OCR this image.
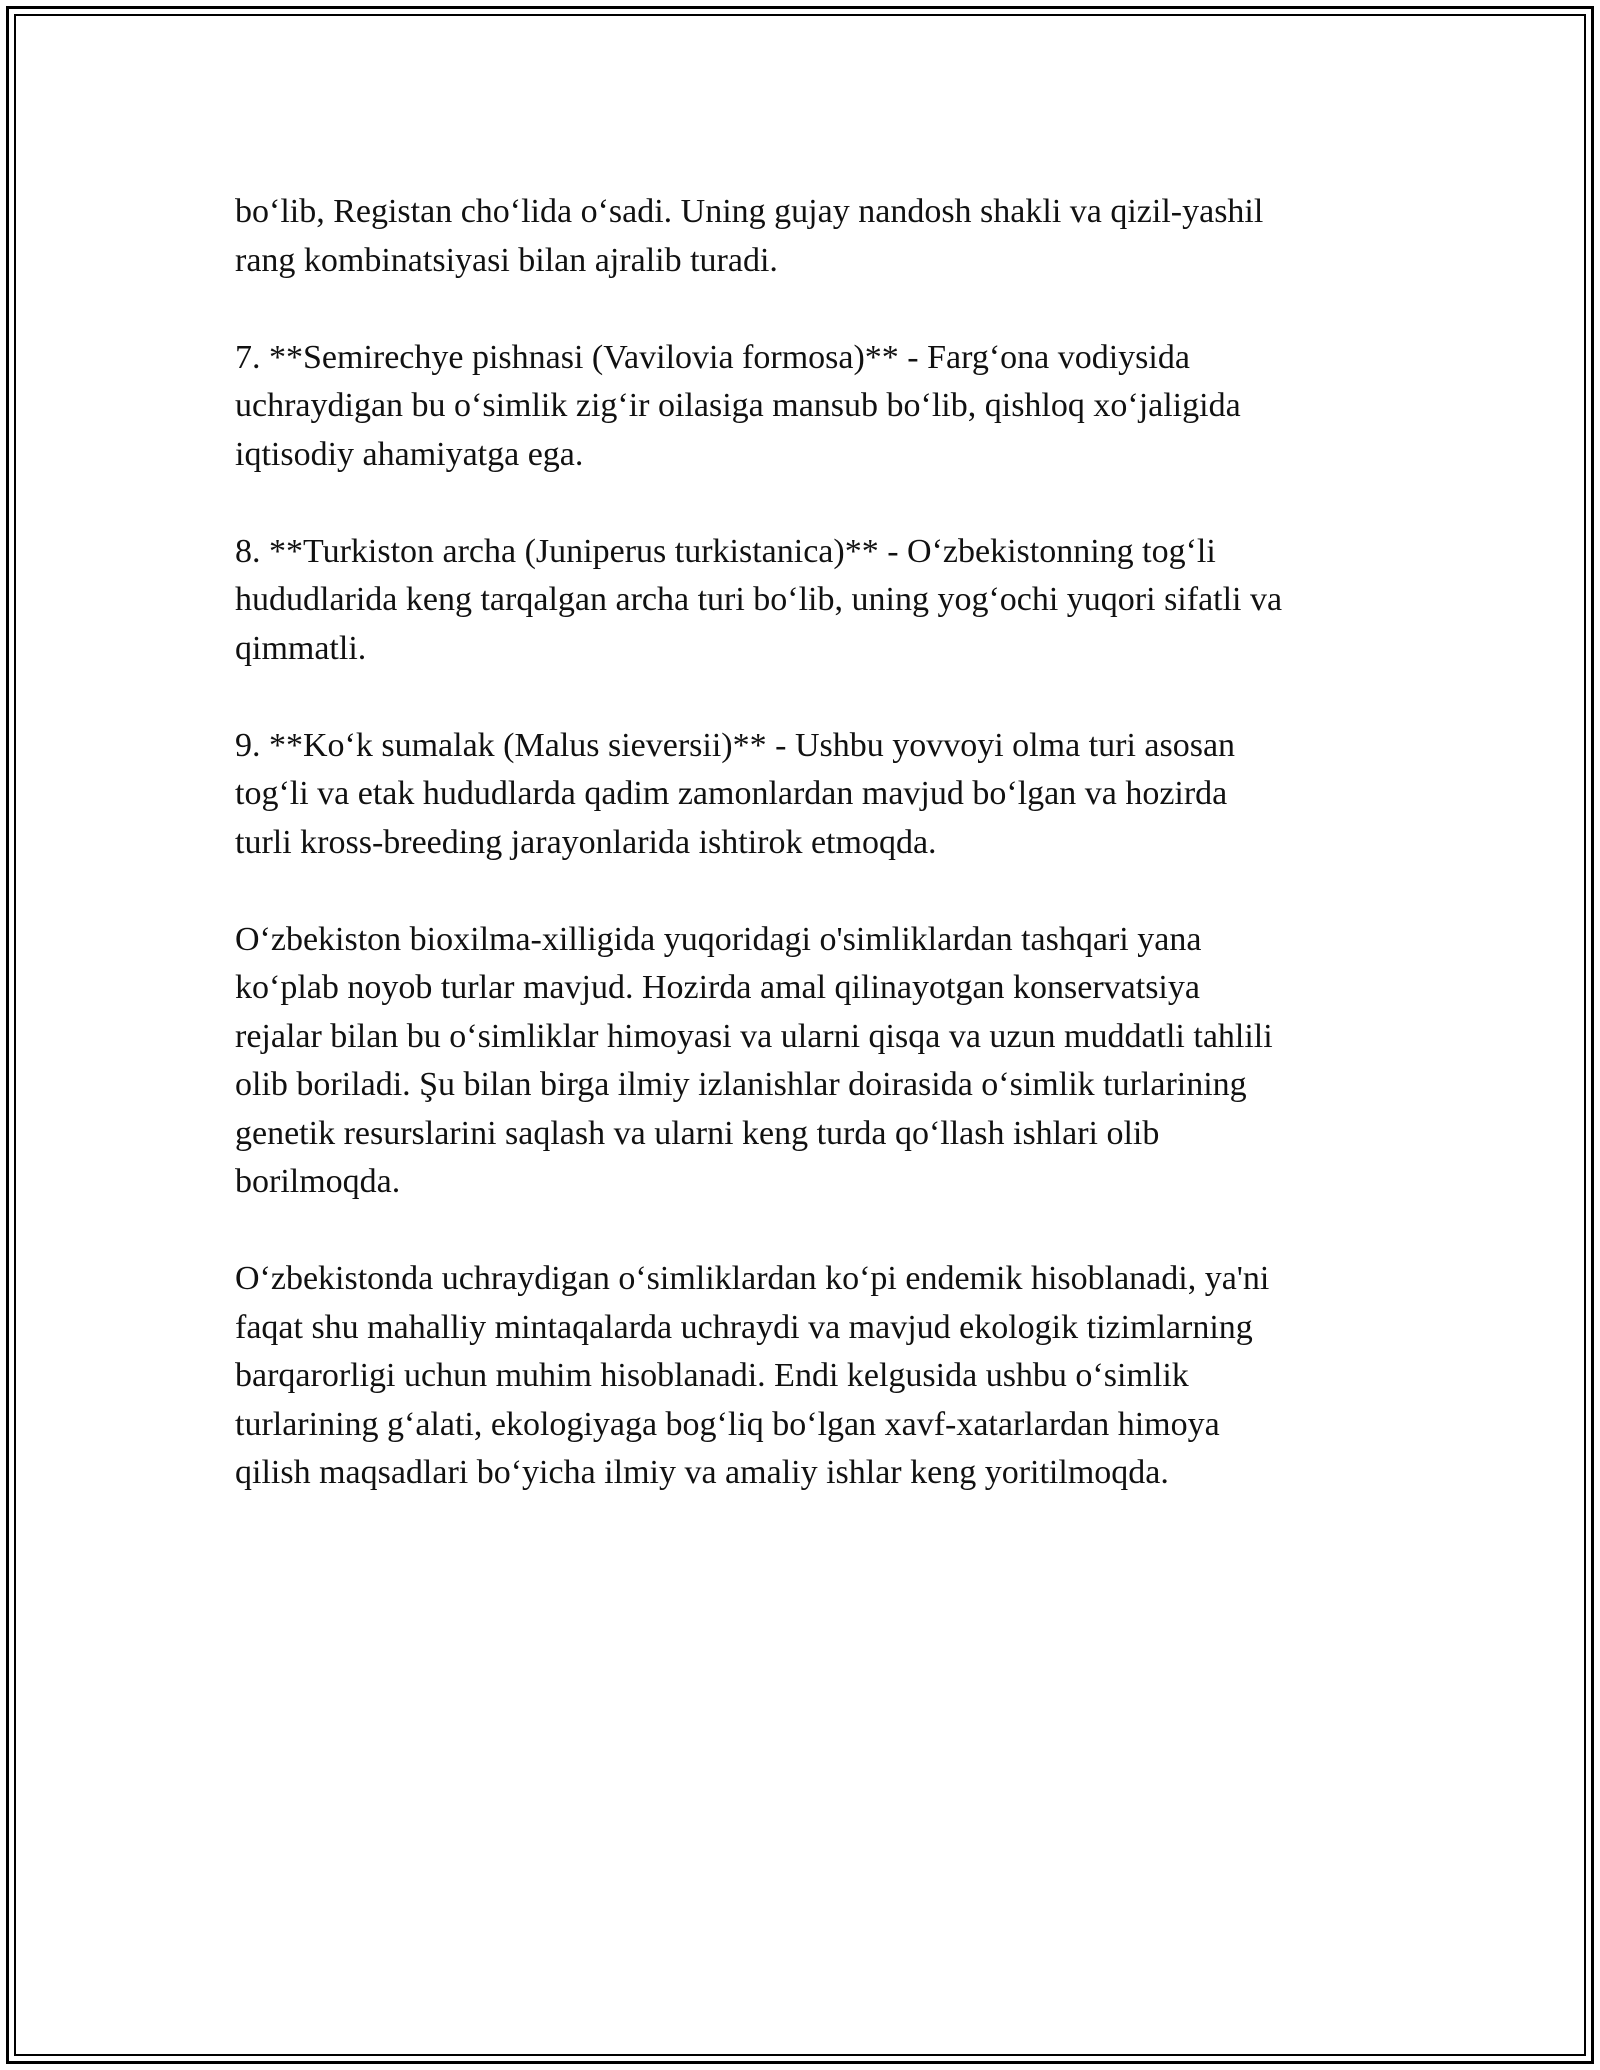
bo‘lib, Registan cho‘lida o‘sadi. Uning gujay nandosh shakli va qizil-yashil
rang kombinatsiyasi bilan ajralib turadi.

7. **Semirechye pishnasi (Vavilovia formosa)** - Farg‘ona vodiysida
uchraydigan bu o‘simlik zig‘ir oilasiga mansub bo‘lib, qishloq xo‘jaligida
iqtisodiy ahamiyatga ega.

8. **Turkiston archa (Juniperus turkistanica)** - O‘zbekistonning tog‘li
hududlarida keng tarqalgan archa turi bo‘lib, uning yog‘ochi yuqori sifatli va
qimmatli.

9. **Ko‘k sumalak (Malus sieversii)** - Ushbu yovvoyi olma turi asosan
tog‘li va etak hududlarda qadim zamonlardan mavjud bo‘lgan va hozirda
turli kross-breeding jarayonlarida ishtirok etmoqda.

O‘zbekiston bioxilma-xilligida yuqoridagi o'simliklardan tashqari yana
ko‘plab noyob turlar mavjud. Hozirda amal qilinayotgan konservatsiya
rejalar bilan bu o‘simliklar himoyasi va ularni qisqa va uzun muddatli tahlili
olib boriladi. Şu bilan birga ilmiy izlanishlar doirasida o‘simlik turlarining
genetik resurslarini saqlash va ularni keng turda qo‘llash ishlari olib
borilmoqda.

O‘zbekistonda uchraydigan o‘simliklardan ko‘pi endemik hisoblanadi, ya'ni
faqat shu mahalliy mintaqalarda uchraydi va mavjud ekologik tizimlarning
barqarorligi uchun muhim hisoblanadi. Endi kelgusida ushbu o‘simlik
turlarining g‘alati, ekologiyaga bog‘liq bo‘lgan xavf-xatarlardan himoya
qilish maqsadlari bo‘yicha ilmiy va amaliy ishlar keng yoritilmoqda.
